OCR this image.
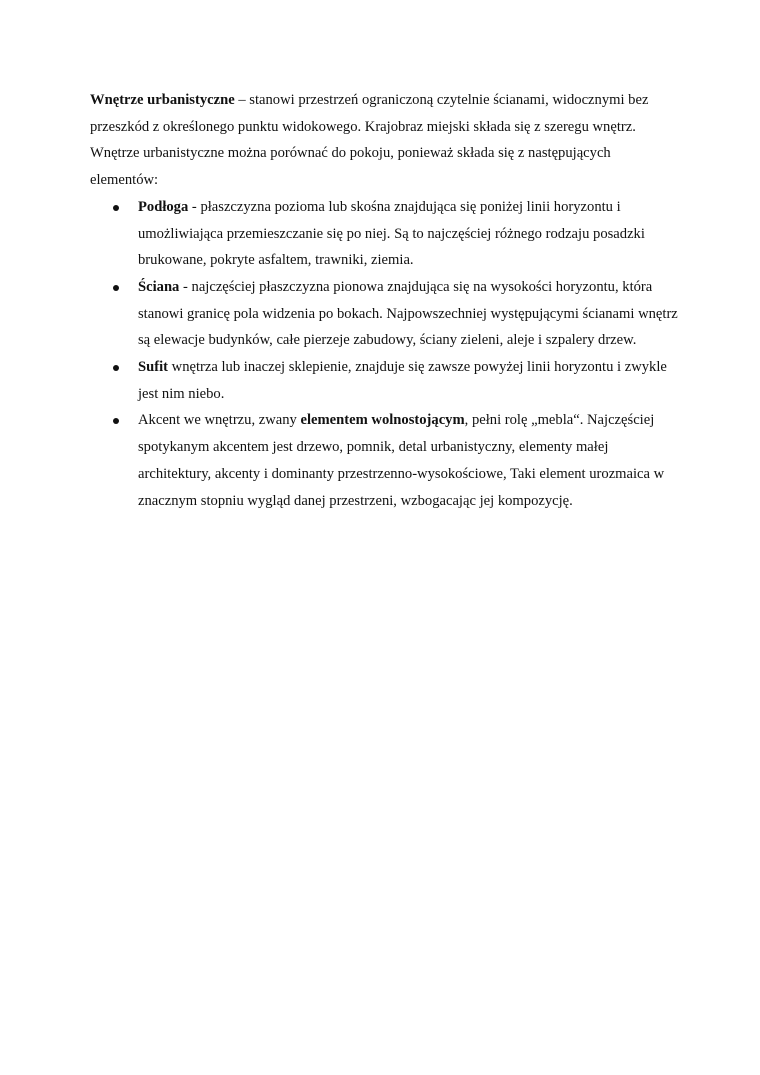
Wnętrze urbanistyczne – stanowi przestrzeń ograniczoną czytelnie ścianami, widocznymi bez przeszkód z określonego punktu widokowego. Krajobraz miejski składa się z szeregu wnętrz.

Wnętrze urbanistyczne można porównać do pokoju, ponieważ składa się z następujących elementów:

Podłoga - płaszczyzna pozioma lub skośna znajdująca się poniżej linii horyzontu i umożliwiająca przemieszczanie się po niej. Są to najczęściej różnego rodzaju posadzki brukowane, pokryte asfaltem, trawniki, ziemia.
Ściana - najczęściej płaszczyzna pionowa znajdująca się na wysokości horyzontu, która stanowi granicę pola widzenia po bokach. Najpowszechniej występującymi ścianami wnętrz są elewacje budynków, całe pierzeje zabudowy, ściany zieleni, aleje i szpalery drzew.
Sufit wnętrza lub inaczej sklepienie, znajduje się zawsze powyżej linii horyzontu i zwykle jest nim niebo.
Akcent we wnętrzu, zwany elementem wolnostojącym, pełni rolę „mebla“. Najczęściej spotykanym akcentem jest drzewo, pomnik, detal urbanistyczny, elementy małej architektury, akcenty i dominanty przestrzenno-wysokościowe, Taki element urozmaica w znacznym stopniu wygląd danej przestrzeni, wzbogacając jej kompozycję.
